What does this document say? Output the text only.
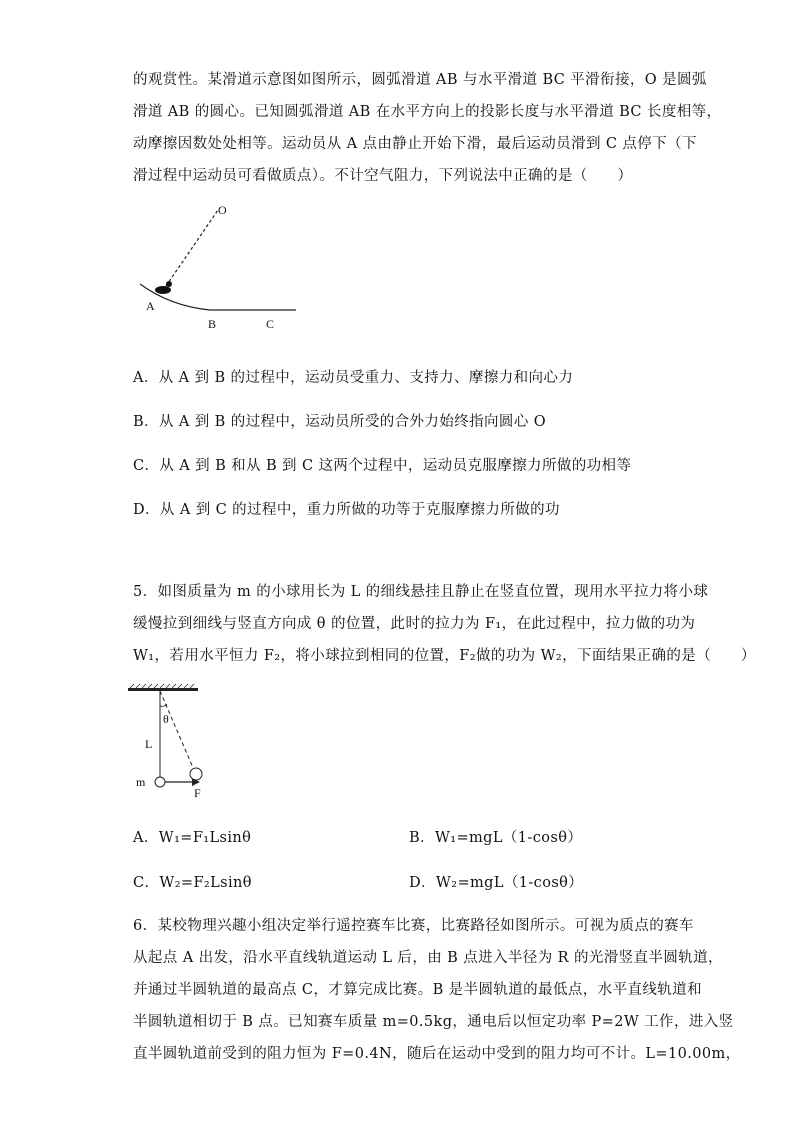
的观赏性。某滑道示意图如图所示，圆弧滑道 AB 与水平滑道 BC 平滑衔接，O 是圆弧
滑道 AB 的圆心。已知圆弧滑道 AB 在水平方向上的投影长度与水平滑道 BC 长度相等，
动摩擦因数处处相等。运动员从 A 点由静止开始下滑，最后运动员滑到 C 点停下（下
滑过程中运动员可看做质点）。不计空气阻力，下列说法中正确的是（　　）
O
A
B	C
A．从 A 到 B 的过程中，运动员受重力、支持力、摩擦力和向心力
B．从 A 到 B 的过程中，运动员所受的合外力始终指向圆心 O
C．从 A 到 B 和从 B 到 C 这两个过程中，运动员克服摩擦力所做的功相等
D．从 A 到 C 的过程中，重力所做的功等于克服摩擦力所做的功
5．如图质量为 m 的小球用长为 L 的细线悬挂且静止在竖直位置，现用水平拉力将小球
缓慢拉到细线与竖直方向成 θ 的位置，此时的拉力为 F₁，在此过程中，拉力做的功为
W₁，若用水平恒力 F₂，将小球拉到相同的位置，F₂做的功为 W₂，下面结果正确的是（　　）
θ
L
m
F
A．W₁=F₁Lsinθ	B．W₁=mgL（1-cosθ）
C．W₂=F₂Lsinθ	D．W₂=mgL（1-cosθ）
6．某校物理兴趣小组决定举行遥控赛车比赛，比赛路径如图所示。可视为质点的赛车
从起点 A 出发，沿水平直线轨道运动 L 后，由 B 点进入半径为 R 的光滑竖直半圆轨道，
并通过半圆轨道的最高点 C，才算完成比赛。B 是半圆轨道的最低点，水平直线轨道和
半圆轨道相切于 B 点。已知赛车质量 m=0.5kg，通电后以恒定功率 P=2W 工作，进入竖
直半圆轨道前受到的阻力恒为 F=0.4N，随后在运动中受到的阻力均可不计。L=10.00m，
